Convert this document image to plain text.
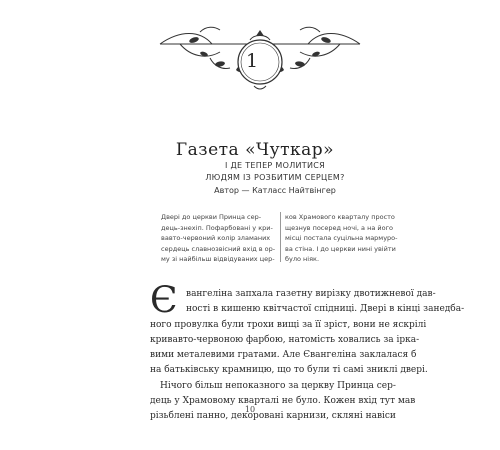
1
Газета «Чуткар»
І ДЕ ТЕПЕР МОЛИТИСЯ
ЛЮДЯМ ІЗ РОЗБИТИМ СЕРЦЕМ?
Автор — Катласс Найтвінгер
Двері до церкви Принца сер-
дець-знехіп. Пофарбовані у кри-
вавто-червоний колір зламаних
сердець славнозвісний вхід в ор-
му зі найбільш відвідуваних цер-
ков Храмового кварталу просто
щезнув посеред ночі, а на його
місці постала суцільна мармуро-
ва стіна. І до церкви нині увійти
було ніяк.
Є вангеліна запхала газетну вирізку двотижневої дав-
ності в кишеню квітчастої спідниці. Двері в кінці занедба-
ного провулка були трохи вищі за її зріст, вони не яскрілі
кривавто-червоною фарбою, натомість ховались за ірка-
вими металевими гратами. Але Євангеліна заклалася б
на батьківську крамницю, що то були ті самі зниклі двері.
Нічого більш непоказного за церкву Принца сер-
дець у Храмовому кварталі не було. Кожен вхід тут мав
різьблені панно, декоровані карнизи, скляні навіси
10
